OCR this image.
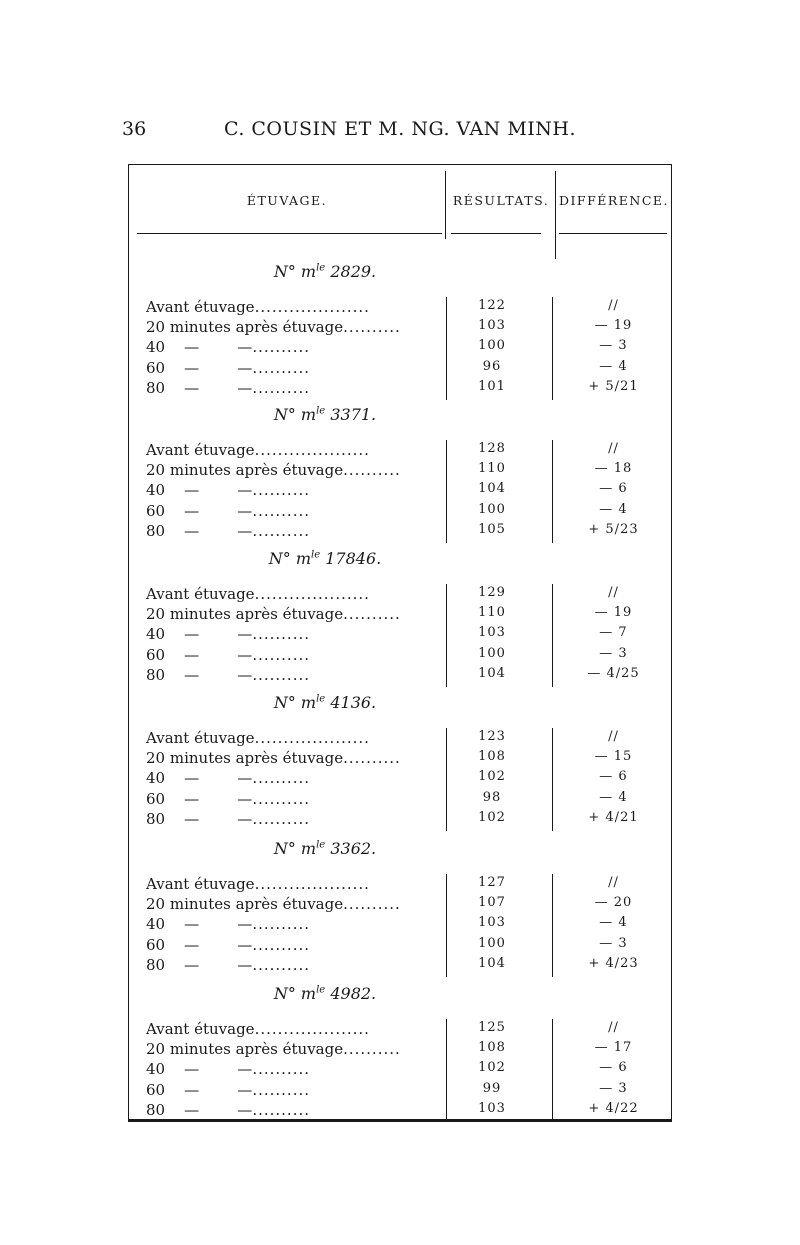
36	C. COUSIN ET M. NG. VAN MINH.
ÉTUVAGE.	RÉSULTATS. DIFFÉRENCE.
N° $m^{le}$ 2829.
Avant étuvage....................	122	//
20 minutes après étuvage..........	103	— 19
40    —        —..........	100	— 3
60    —        —..........	96	— 4
80    —        —..........	101	+ 5/21
N° $m^{le}$ 3371.
Avant étuvage....................	128	//
20 minutes après étuvage..........	110	— 18
40    —        —..........	104	— 6
60    —        —..........	100	— 4
80    —        —..........	105	+ 5/23
N° $m^{le}$ 17846.
Avant étuvage....................	129	//
20 minutes après étuvage..........	110	— 19
40    —        —..........	103	— 7
60    —        —..........	100	— 3
80    —        —..........	104	— 4/25
N° $m^{le}$ 4136.
Avant étuvage....................	123	//
20 minutes après étuvage..........	108	— 15
40    —        —..........	102	— 6
60    —        —..........	98	— 4
80    —        —..........	102	+ 4/21
N° $m^{le}$ 3362.
Avant étuvage....................	127	//
20 minutes après étuvage..........	107	— 20
40    —        —..........	103	— 4
60    —        —..........	100	— 3
80    —        —..........	104	+ 4/23
N° $m^{le}$ 4982.
Avant étuvage....................	125	//
20 minutes après étuvage..........	108	— 17
40    —        —..........	102	— 6
60    —        —..........	99	— 3
80    —        —..........	103	+ 4/22
